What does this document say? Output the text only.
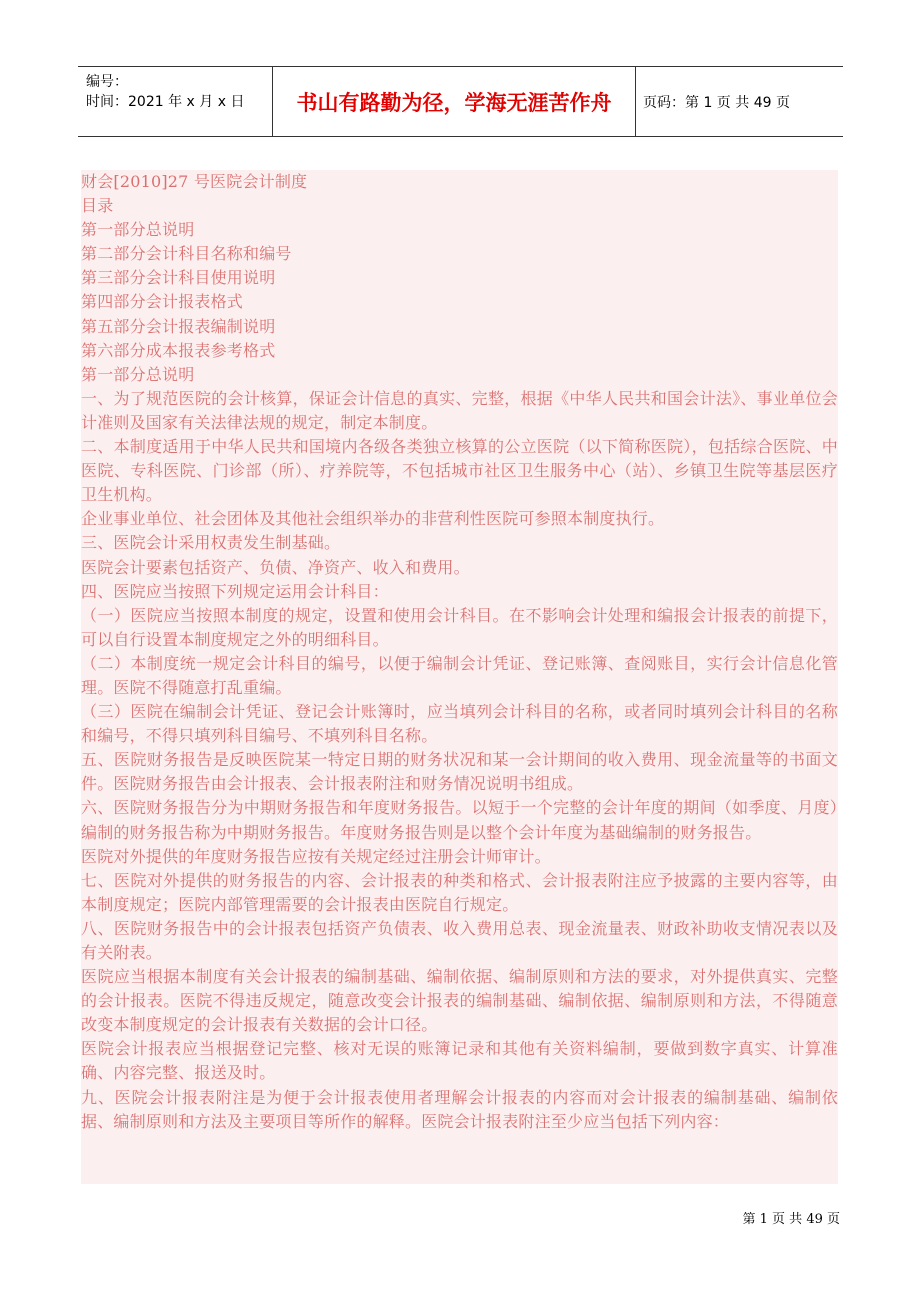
编号：
时间：2021 年 x 月 x 日	书山有路勤为径，学海无涯苦作舟	页码：第 1 页 共 49 页

财会[2010]27 号医院会计制度

目录

第一部分总说明

第二部分会计科目名称和编号

第三部分会计科目使用说明

第四部分会计报表格式

第五部分会计报表编制说明

第六部分成本报表参考格式

第一部分总说明

一、为了规范医院的会计核算，保证会计信息的真实、完整，根据《中华人民共和国会计法》、事业单位会计准则及国家有关法律法规的规定，制定本制度。

二、本制度适用于中华人民共和国境内各级各类独立核算的公立医院（以下简称医院），包括综合医院、中医院、专科医院、门诊部（所）、疗养院等，不包括城市社区卫生服务中心（站）、乡镇卫生院等基层医疗卫生机构。

企业事业单位、社会团体及其他社会组织举办的非营利性医院可参照本制度执行。

三、医院会计采用权责发生制基础。

医院会计要素包括资产、负债、净资产、收入和费用。

四、医院应当按照下列规定运用会计科目：

（一）医院应当按照本制度的规定，设置和使用会计科目。在不影响会计处理和编报会计报表的前提下，可以自行设置本制度规定之外的明细科目。

（二）本制度统一规定会计科目的编号，以便于编制会计凭证、登记账簿、查阅账目，实行会计信息化管理。医院不得随意打乱重编。

（三）医院在编制会计凭证、登记会计账簿时，应当填列会计科目的名称，或者同时填列会计科目的名称和编号，不得只填列科目编号、不填列科目名称。

五、医院财务报告是反映医院某一特定日期的财务状况和某一会计期间的收入费用、现金流量等的书面文件。医院财务报告由会计报表、会计报表附注和财务情况说明书组成。

六、医院财务报告分为中期财务报告和年度财务报告。以短于一个完整的会计年度的期间（如季度、月度）编制的财务报告称为中期财务报告。年度财务报告则是以整个会计年度为基础编制的财务报告。

医院对外提供的年度财务报告应按有关规定经过注册会计师审计。

七、医院对外提供的财务报告的内容、会计报表的种类和格式、会计报表附注应予披露的主要内容等，由本制度规定；医院内部管理需要的会计报表由医院自行规定。

八、医院财务报告中的会计报表包括资产负债表、收入费用总表、现金流量表、财政补助收支情况表以及有关附表。

医院应当根据本制度有关会计报表的编制基础、编制依据、编制原则和方法的要求，对外提供真实、完整的会计报表。医院不得违反规定，随意改变会计报表的编制基础、编制依据、编制原则和方法，不得随意改变本制度规定的会计报表有关数据的会计口径。

医院会计报表应当根据登记完整、核对无误的账簿记录和其他有关资料编制，要做到数字真实、计算准确、内容完整、报送及时。

九、医院会计报表附注是为便于会计报表使用者理解会计报表的内容而对会计报表的编制基础、编制依据、编制原则和方法及主要项目等所作的解释。医院会计报表附注至少应当包括下列内容：

第 1 页 共 49 页
